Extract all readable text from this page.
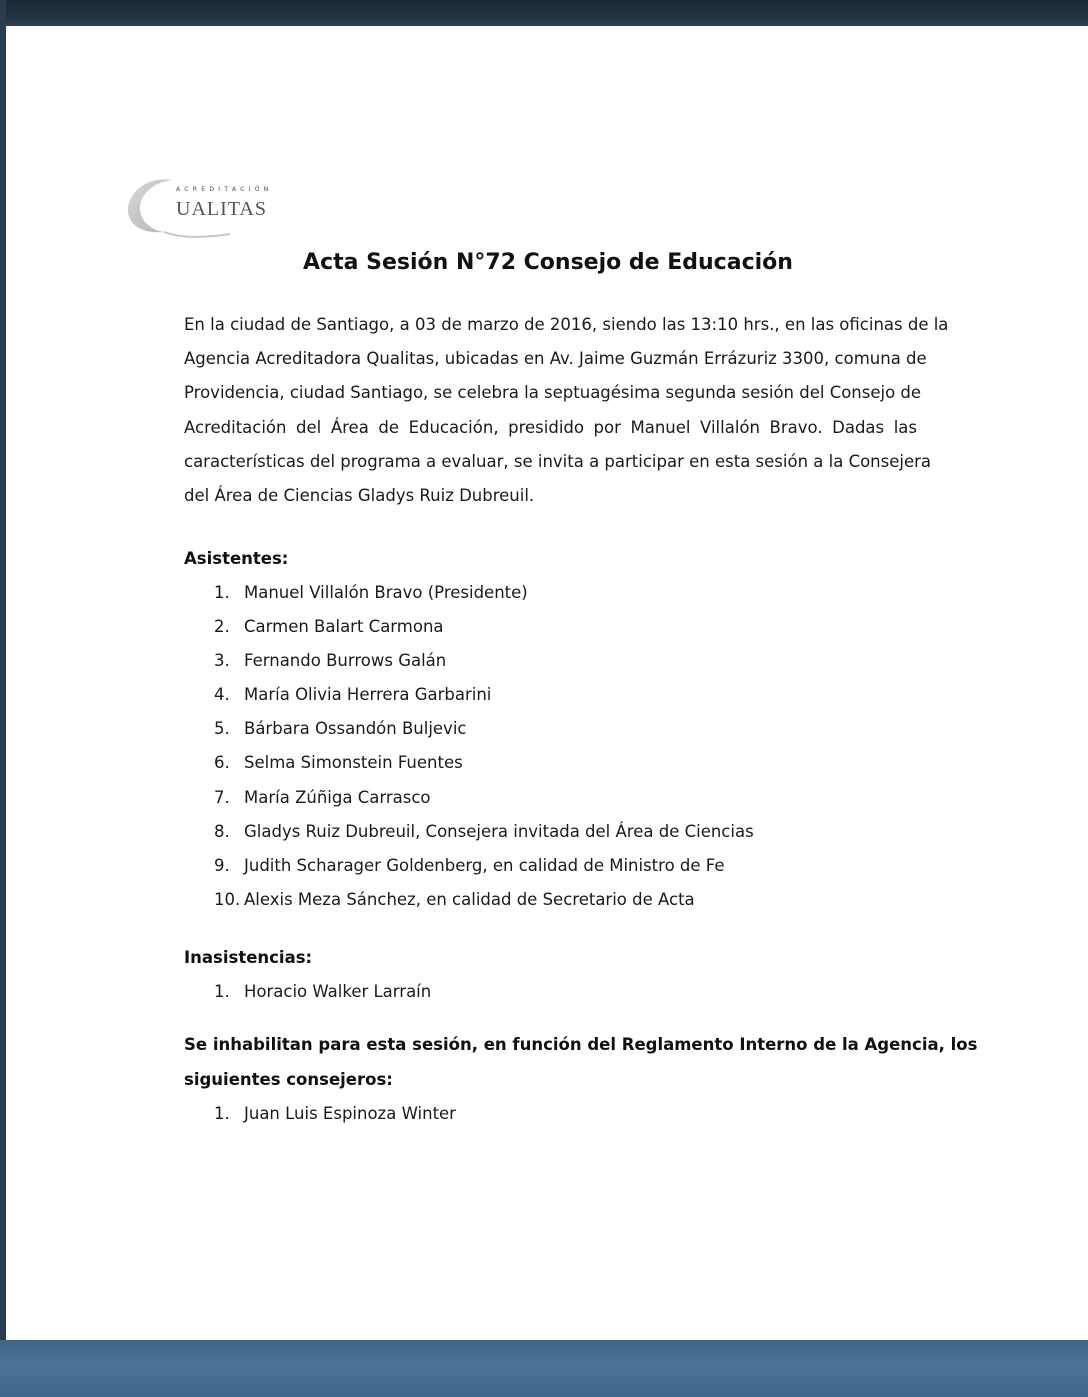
ACREDITACIÓN
UALITAS
Acta Sesión N°72 Consejo de Educación
En la ciudad de Santiago, a 03 de marzo de 2016, siendo las 13:10 hrs., en las oficinas de la
Agencia Acreditadora Qualitas, ubicadas en Av. Jaime Guzmán Errázuriz 3300, comuna de
Providencia, ciudad Santiago, se celebra la septuagésima segunda sesión del Consejo de
Acreditación del Área de Educación, presidido por Manuel Villalón Bravo. Dadas las
características del programa a evaluar, se invita a participar en esta sesión a la Consejera
del Área de Ciencias Gladys Ruiz Dubreuil.
Asistentes:
1. Manuel Villalón Bravo (Presidente)
2. Carmen Balart Carmona
3. Fernando Burrows Galán
4. María Olivia Herrera Garbarini
5. Bárbara Ossandón Buljevic
6. Selma Simonstein Fuentes
7. María Zúñiga Carrasco
8. Gladys Ruiz Dubreuil, Consejera invitada del Área de Ciencias
9. Judith Scharager Goldenberg, en calidad de Ministro de Fe
10. Alexis Meza Sánchez, en calidad de Secretario de Acta
Inasistencias:
1. Horacio Walker Larraín
Se inhabilitan para esta sesión, en función del Reglamento Interno de la Agencia, los
siguientes consejeros:
1. Juan Luis Espinoza Winter
